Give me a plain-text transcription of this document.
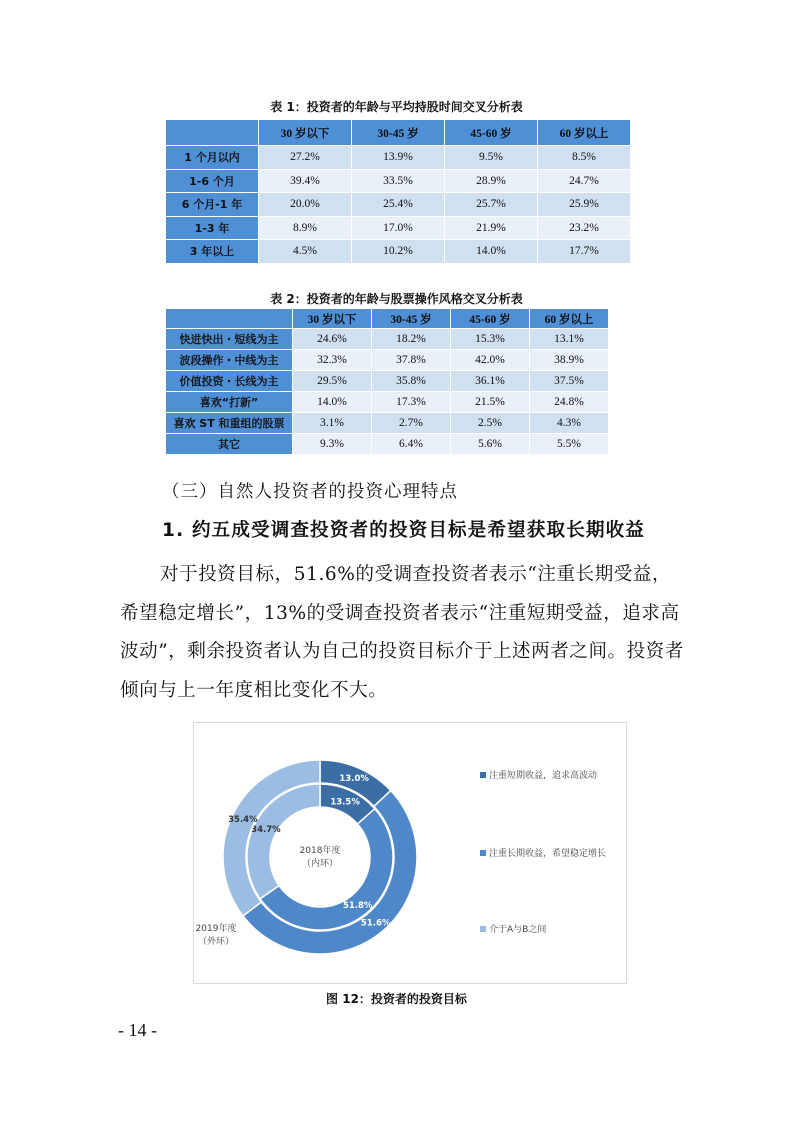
表 1：投资者的年龄与平均持股时间交叉分析表
	30 岁以下	30-45 岁	45-60 岁	60 岁以上
1 个月以内	27.2%	13.9%	9.5%	8.5%
1-6 个月	39.4%	33.5%	28.9%	24.7%
6 个月-1 年	20.0%	25.4%	25.7%	25.9%
1-3 年	8.9%	17.0%	21.9%	23.2%
3 年以上	4.5%	10.2%	14.0%	17.7%
表 2：投资者的年龄与股票操作风格交叉分析表
	30 岁以下	30-45 岁	45-60 岁	60 岁以上
快进快出・短线为主	24.6%	18.2%	15.3%	13.1%
波段操作・中线为主	32.3%	37.8%	42.0%	38.9%
价值投资・长线为主	29.5%	35.8%	36.1%	37.5%
喜欢“打新”	14.0%	17.3%	21.5%	24.8%
喜欢 ST 和重组的股票	3.1%	2.7%	2.5%	4.3%
其它	9.3%	6.4%	5.6%	5.5%
（三）自然人投资者的投资心理特点
1. 约五成受调查投资者的投资目标是希望获取长期收益
对于投资目标，51.6%的受调查投资者表示“注重长期受益，希望稳定增长”，13%的受调查投资者表示“注重短期受益，追求高波动”，剩余投资者认为自己的投资目标介于上述两者之间。投资者倾向与上一年度相比变化不大。
13.5%
51.8%
34.7%
13.0%
51.6%
35.4%
2018年度
（内环）
2019年度
（外环）
注重短期收益，追求高波动
注重长期收益，希望稳定增长
介于A与B之间
图 12：投资者的投资目标
- 14 -
